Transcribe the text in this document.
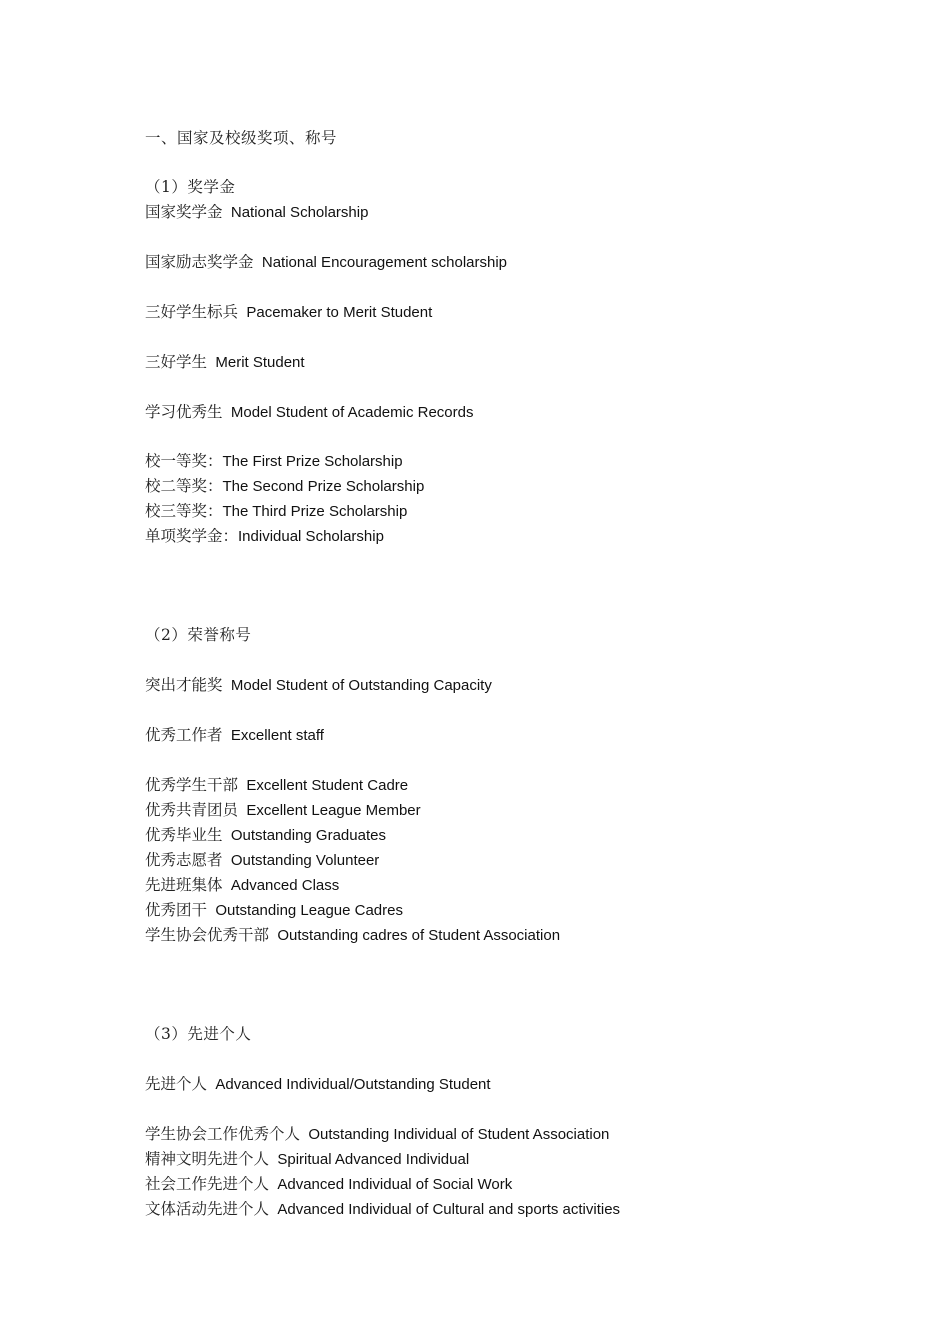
一、国家及校级奖项、称号
（1）奖学金
国家奖学金 National Scholarship
国家励志奖学金 National Encouragement scholarship
三好学生标兵 Pacemaker to Merit Student
三好学生 Merit Student
学习优秀生 Model Student of Academic Records
校一等奖：The First Prize Scholarship
校二等奖：The Second Prize Scholarship
校三等奖：The Third Prize Scholarship
单项奖学金：Individual Scholarship
（2）荣誉称号
突出才能奖 Model Student of Outstanding Capacity
优秀工作者 Excellent staff
优秀学生干部 Excellent Student Cadre
优秀共青团员 Excellent League Member
优秀毕业生 Outstanding Graduates
优秀志愿者 Outstanding Volunteer
先进班集体 Advanced Class
优秀团干 Outstanding League Cadres
学生协会优秀干部 Outstanding cadres of Student Association
（3）先进个人
先进个人 Advanced Individual/Outstanding Student
学生协会工作优秀个人 Outstanding Individual of Student Association
精神文明先进个人 Spiritual Advanced Individual
社会工作先进个人 Advanced Individual of Social Work
文体活动先进个人 Advanced Individual of Cultural and sports activities
